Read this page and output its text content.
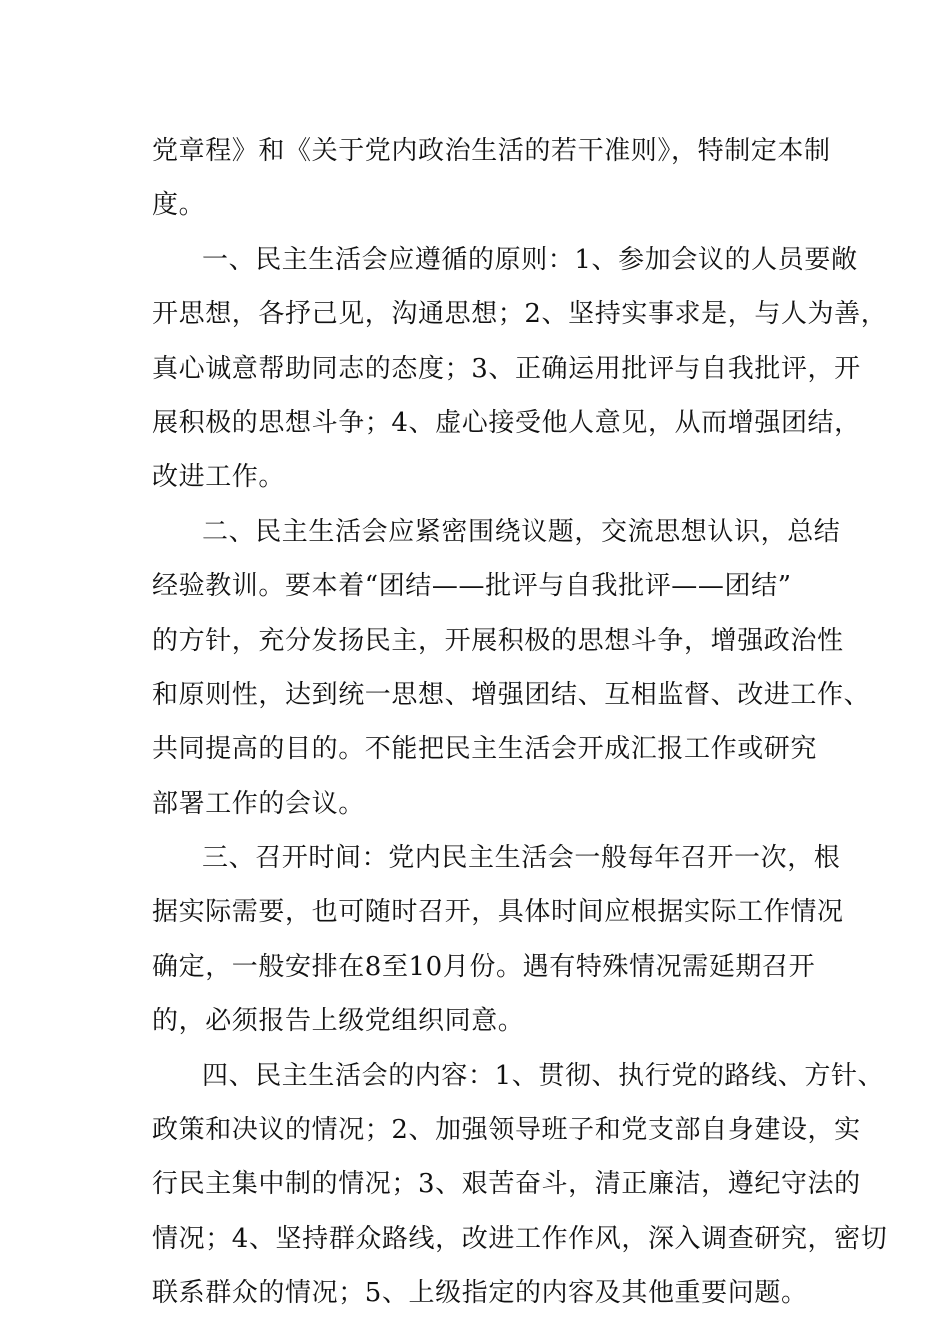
党章程》和《关于党内政治生活的若干准则》，特制定本制
度。
一、民主生活会应遵循的原则：1、参加会议的人员要敞
开思想，各抒己见，沟通思想；2、坚持实事求是，与人为善，
真心诚意帮助同志的态度；3、正确运用批评与自我批评，开
展积极的思想斗争；4、虚心接受他人意见，从而增强团结，
改进工作。
二、民主生活会应紧密围绕议题，交流思想认识，总结
经验教训。要本着“团结——批评与自我批评——团结”
的方针，充分发扬民主，开展积极的思想斗争，增强政治性
和原则性，达到统一思想、增强团结、互相监督、改进工作、
共同提高的目的。不能把民主生活会开成汇报工作或研究
部署工作的会议。
三、召开时间：党内民主生活会一般每年召开一次，根
据实际需要，也可随时召开，具体时间应根据实际工作情况
确定，一般安排在8至10月份。遇有特殊情况需延期召开
的，必须报告上级党组织同意。
四、民主生活会的内容：1、贯彻、执行党的路线、方针、
政策和决议的情况；2、加强领导班子和党支部自身建设，实
行民主集中制的情况；3、艰苦奋斗，清正廉洁，遵纪守法的
情况；4、坚持群众路线，改进工作作风，深入调查研究，密切
联系群众的情况；5、上级指定的内容及其他重要问题。
